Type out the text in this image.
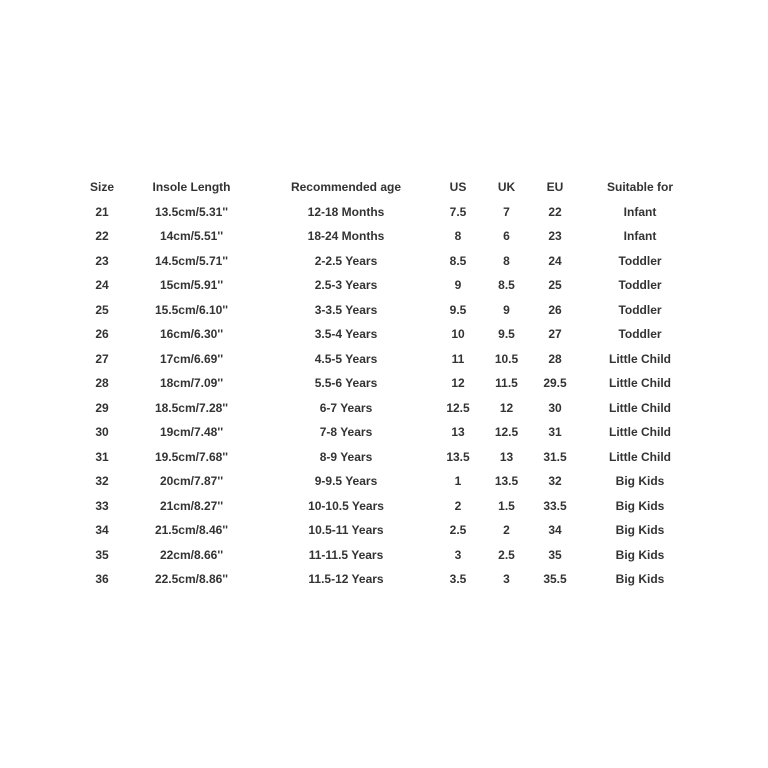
Size	Insole Length	Recommended age	US	UK	EU	Suitable for
21	13.5cm/5.31''	12-18 Months	7.5	7	22	Infant
22	14cm/5.51''	18-24 Months	8	6	23	Infant
23	14.5cm/5.71''	2-2.5 Years	8.5	8	24	Toddler
24	15cm/5.91''	2.5-3 Years	9	8.5	25	Toddler
25	15.5cm/6.10''	3-3.5 Years	9.5	9	26	Toddler
26	16cm/6.30''	3.5-4 Years	10	9.5	27	Toddler
27	17cm/6.69''	4.5-5 Years	11	10.5	28	Little Child
28	18cm/7.09''	5.5-6 Years	12	11.5	29.5	Little Child
29	18.5cm/7.28''	6-7 Years	12.5	12	30	Little Child
30	19cm/7.48''	7-8 Years	13	12.5	31	Little Child
31	19.5cm/7.68''	8-9 Years	13.5	13	31.5	Little Child
32	20cm/7.87''	9-9.5 Years	1	13.5	32	Big Kids
33	21cm/8.27''	10-10.5 Years	2	1.5	33.5	Big Kids
34	21.5cm/8.46''	10.5-11 Years	2.5	2	34	Big Kids
35	22cm/8.66''	11-11.5 Years	3	2.5	35	Big Kids
36	22.5cm/8.86''	11.5-12 Years	3.5	3	35.5	Big Kids
